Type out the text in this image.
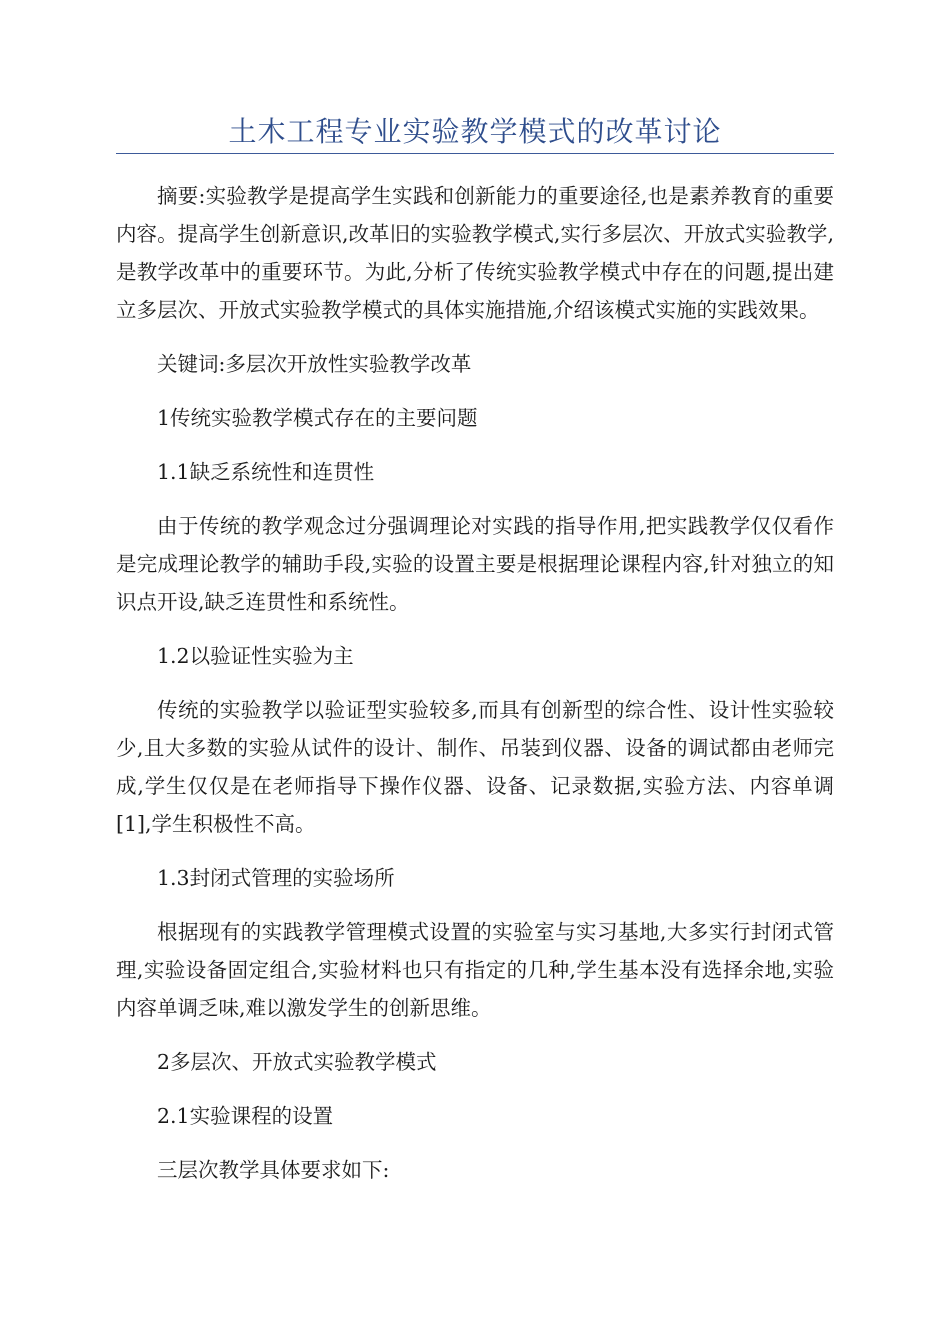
土木工程专业实验教学模式的改革讨论

摘要:实验教学是提高学生实践和创新能力的重要途径,也是素养教育的重要内容。提高学生创新意识,改革旧的实验教学模式,实行多层次、开放式实验教学,是教学改革中的重要环节。为此,分析了传统实验教学模式中存在的问题,提出建立多层次、开放式实验教学模式的具体实施措施,介绍该模式实施的实践效果。

关键词:多层次开放性实验教学改革

1传统实验教学模式存在的主要问题

1.1缺乏系统性和连贯性

由于传统的教学观念过分强调理论对实践的指导作用,把实践教学仅仅看作是完成理论教学的辅助手段,实验的设置主要是根据理论课程内容,针对独立的知识点开设,缺乏连贯性和系统性。

1.2以验证性实验为主

传统的实验教学以验证型实验较多,而具有创新型的综合性、设计性实验较少,且大多数的实验从试件的设计、制作、吊装到仪器、设备的调试都由老师完成,学生仅仅是在老师指导下操作仪器、设备、记录数据,实验方法、内容单调[1],学生积极性不高。

1.3封闭式管理的实验场所

根据现有的实践教学管理模式设置的实验室与实习基地,大多实行封闭式管理,实验设备固定组合,实验材料也只有指定的几种,学生基本没有选择余地,实验内容单调乏味,难以激发学生的创新思维。

2多层次、开放式实验教学模式

2.1实验课程的设置

三层次教学具体要求如下:
